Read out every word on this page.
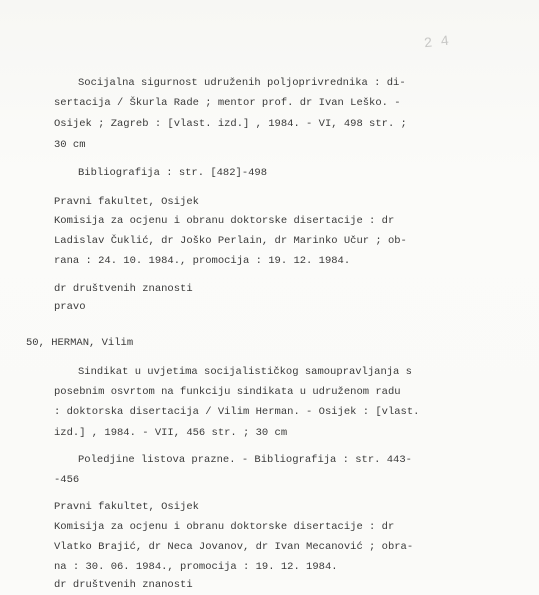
2 4
Socijalna sigurnost udruženih poljoprivrednika : di-
sertacija / Škurla Rade ; mentor prof. dr Ivan Leško. -
Osijek ; Zagreb : [vlast. izd.] , 1984. - VI, 498 str. ;
30 cm
Bibliografija : str. [482]-498
Pravni fakultet, Osijek
Komisija za ocjenu i obranu doktorske disertacije : dr
Ladislav Čuklić, dr Joško Perlain, dr Marinko Učur ; ob-
rana : 24. 10. 1984., promocija : 19. 12. 1984.
dr društvenih znanosti
pravo
50, HERMAN, Vilim
Sindikat u uvjetima socijalističkog samoupravljanja s
posebnim osvrtom na funkciju sindikata u udruženom radu
: doktorska disertacija / Vilim Herman. - Osijek : [vlast.
izd.] , 1984. - VII, 456 str. ; 30 cm
Poledjine listova prazne. - Bibliografija : str. 443-
-456
Pravni fakultet, Osijek
Komisija za ocjenu i obranu doktorske disertacije : dr
Vlatko Brajić, dr Neca Jovanov, dr Ivan Mecanović ; obra-
na : 30. 06. 1984., promocija : 19. 12. 1984.
dr društvenih znanosti
